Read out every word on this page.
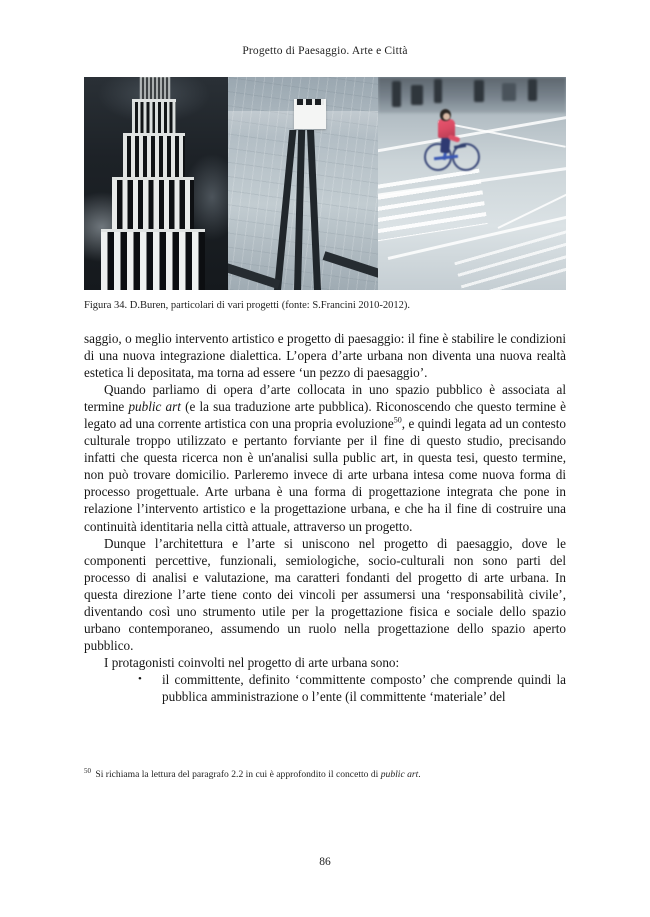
Progetto di Paesaggio. Arte e Città
Figura 34. D.Buren, particolari di vari progetti (fonte: S.Francini 2010-2012).

saggio, o meglio intervento artistico e progetto di paesaggio: il fine è stabilire le condizioni di una nuova integrazione dialettica. L’opera d’arte urbana non diventa una nuova realtà estetica li depositata, ma torna ad essere ‘un pezzo di paesaggio’.

Quando parliamo di opera d’arte collocata in uno spazio pubblico è associata al termine public art (e la sua traduzione arte pubblica). Riconoscendo che questo termine è legato ad una corrente artistica con una propria evoluzione$^{50}$, e quindi legata ad un contesto culturale troppo utilizzato e pertanto forviante per il fine di questo studio, precisando infatti che questa ricerca non è un'analisi sulla public art, in questa tesi, questo termine, non può trovare domicilio. Parleremo invece di arte urbana intesa come nuova forma di processo progettuale. Arte urbana è una forma di progettazione integrata che pone in relazione l’intervento artistico e la progettazione urbana, e che ha il fine di costruire una continuità identitaria nella città attuale, attraverso un progetto.

Dunque l’architettura e l’arte si uniscono nel progetto di paesaggio, dove le componenti percettive, funzionali, semiologiche, socio-culturali non sono parti del processo di analisi e valutazione, ma caratteri fondanti del progetto di arte urbana. In questa direzione l’arte tiene conto dei vincoli per assumersi una ‘responsabilità civile’, diventando così uno strumento utile per la progettazione fisica e sociale dello spazio urbano contemporaneo, assumendo un ruolo nella progettazione dello spazio aperto pubblico.

I protagonisti coinvolti nel progetto di arte urbana sono:

• il committente, definito ‘committente composto’ che comprende quindi la pubblica amministrazione o l’ente (il committente ‘materiale’ del
$^{50}$ Si richiama la lettura del paragrafo 2.2 in cui è approfondito il concetto di public art.
86
